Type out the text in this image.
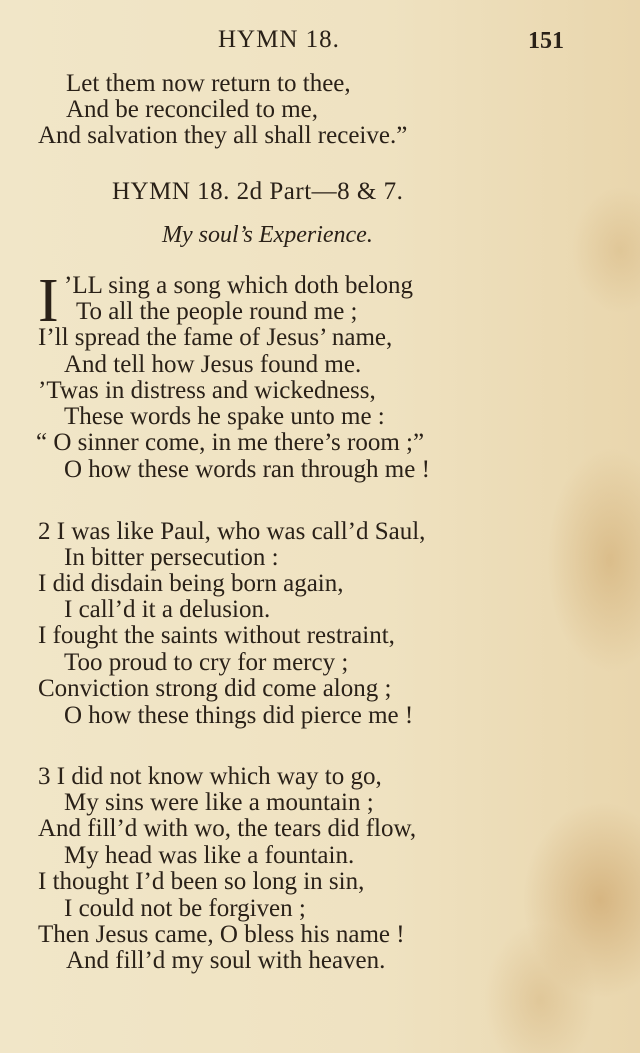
HYMN 18.	151
Let them now return to thee,
And be reconciled to me,
And salvation they all shall receive.”
HYMN 18. 2d Part—8 & 7.
My soul’s Experience.
I ’LL sing a song which doth belong
To all the people round me ;
I’ll spread the fame of Jesus’ name,
And tell how Jesus found me.
’Twas in distress and wickedness,
These words he spake unto me :
“ O sinner come, in me there’s room ;”
O how these words ran through me !
2 I was like Paul, who was call’d Saul,
In bitter persecution :
I did disdain being born again,
I call’d it a delusion.
I fought the saints without restraint,
Too proud to cry for mercy ;
Conviction strong did come along ;
O how these things did pierce me !
3 I did not know which way to go,
My sins were like a mountain ;
And fill’d with wo, the tears did flow,
My head was like a fountain.
I thought I’d been so long in sin,
I could not be forgiven ;
Then Jesus came, O bless his name !
And fill’d my soul with heaven.
